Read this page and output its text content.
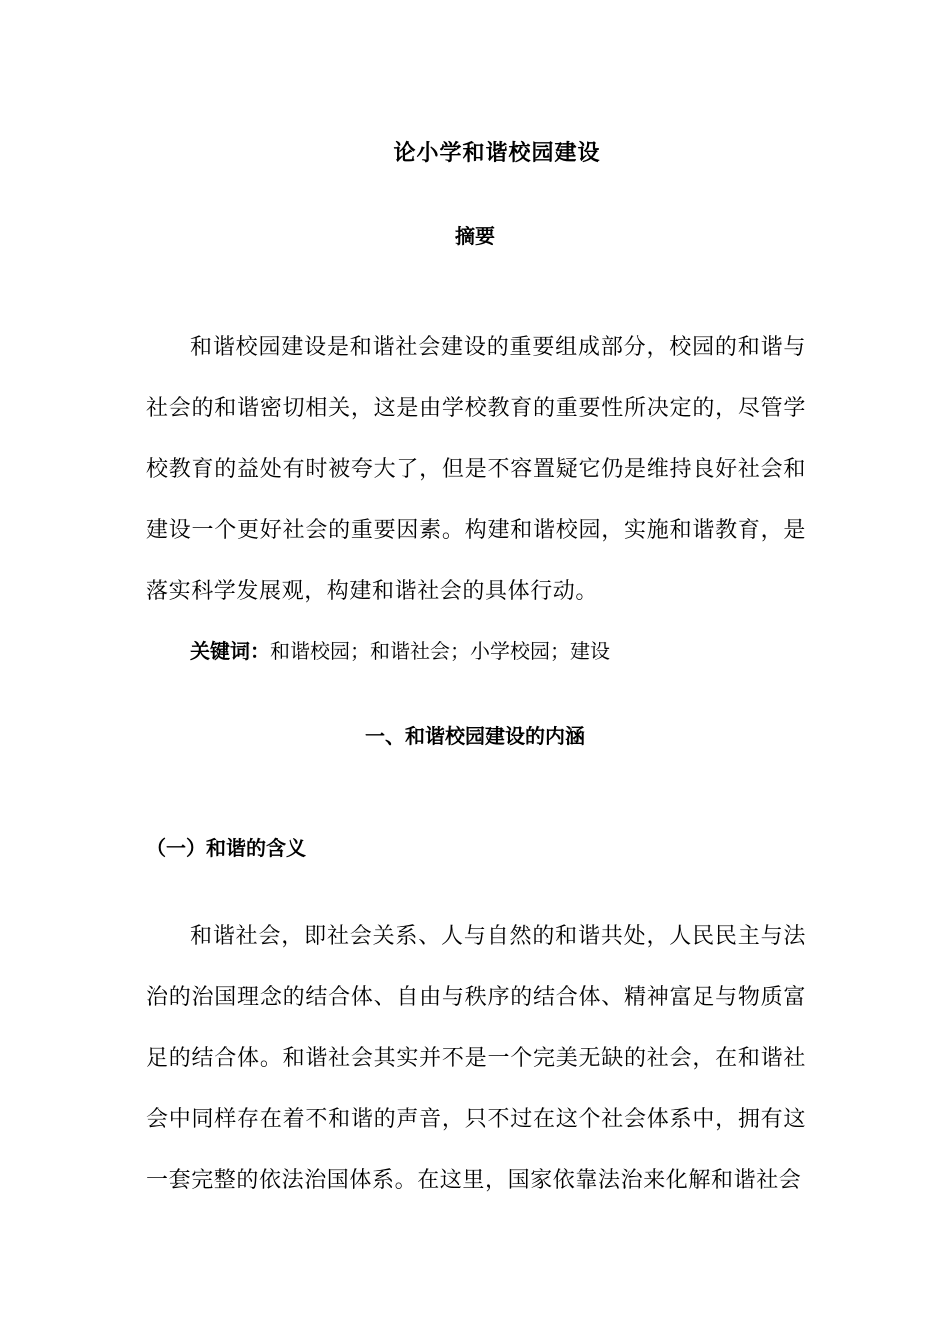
论小学和谐校园建设
摘要

和谐校园建设是和谐社会建设的重要组成部分，校园的和谐与社会的和谐密切相关，这是由学校教育的重要性所决定的，尽管学校教育的益处有时被夸大了，但是不容置疑它仍是维持良好社会和建设一个更好社会的重要因素。构建和谐校园，实施和谐教育，是落实科学发展观，构建和谐社会的具体行动。

关键词：和谐校园；和谐社会；小学校园；建设
一、和谐校园建设的内涵
（一）和谐的含义

和谐社会，即社会关系、人与自然的和谐共处，人民民主与法治的治国理念的结合体、自由与秩序的结合体、精神富足与物质富足的结合体。和谐社会其实并不是一个完美无缺的社会，在和谐社会中同样存在着不和谐的声音，只不过在这个社会体系中，拥有这一套完整的依法治国体系。在这里，国家依靠法治来化解和谐社会
